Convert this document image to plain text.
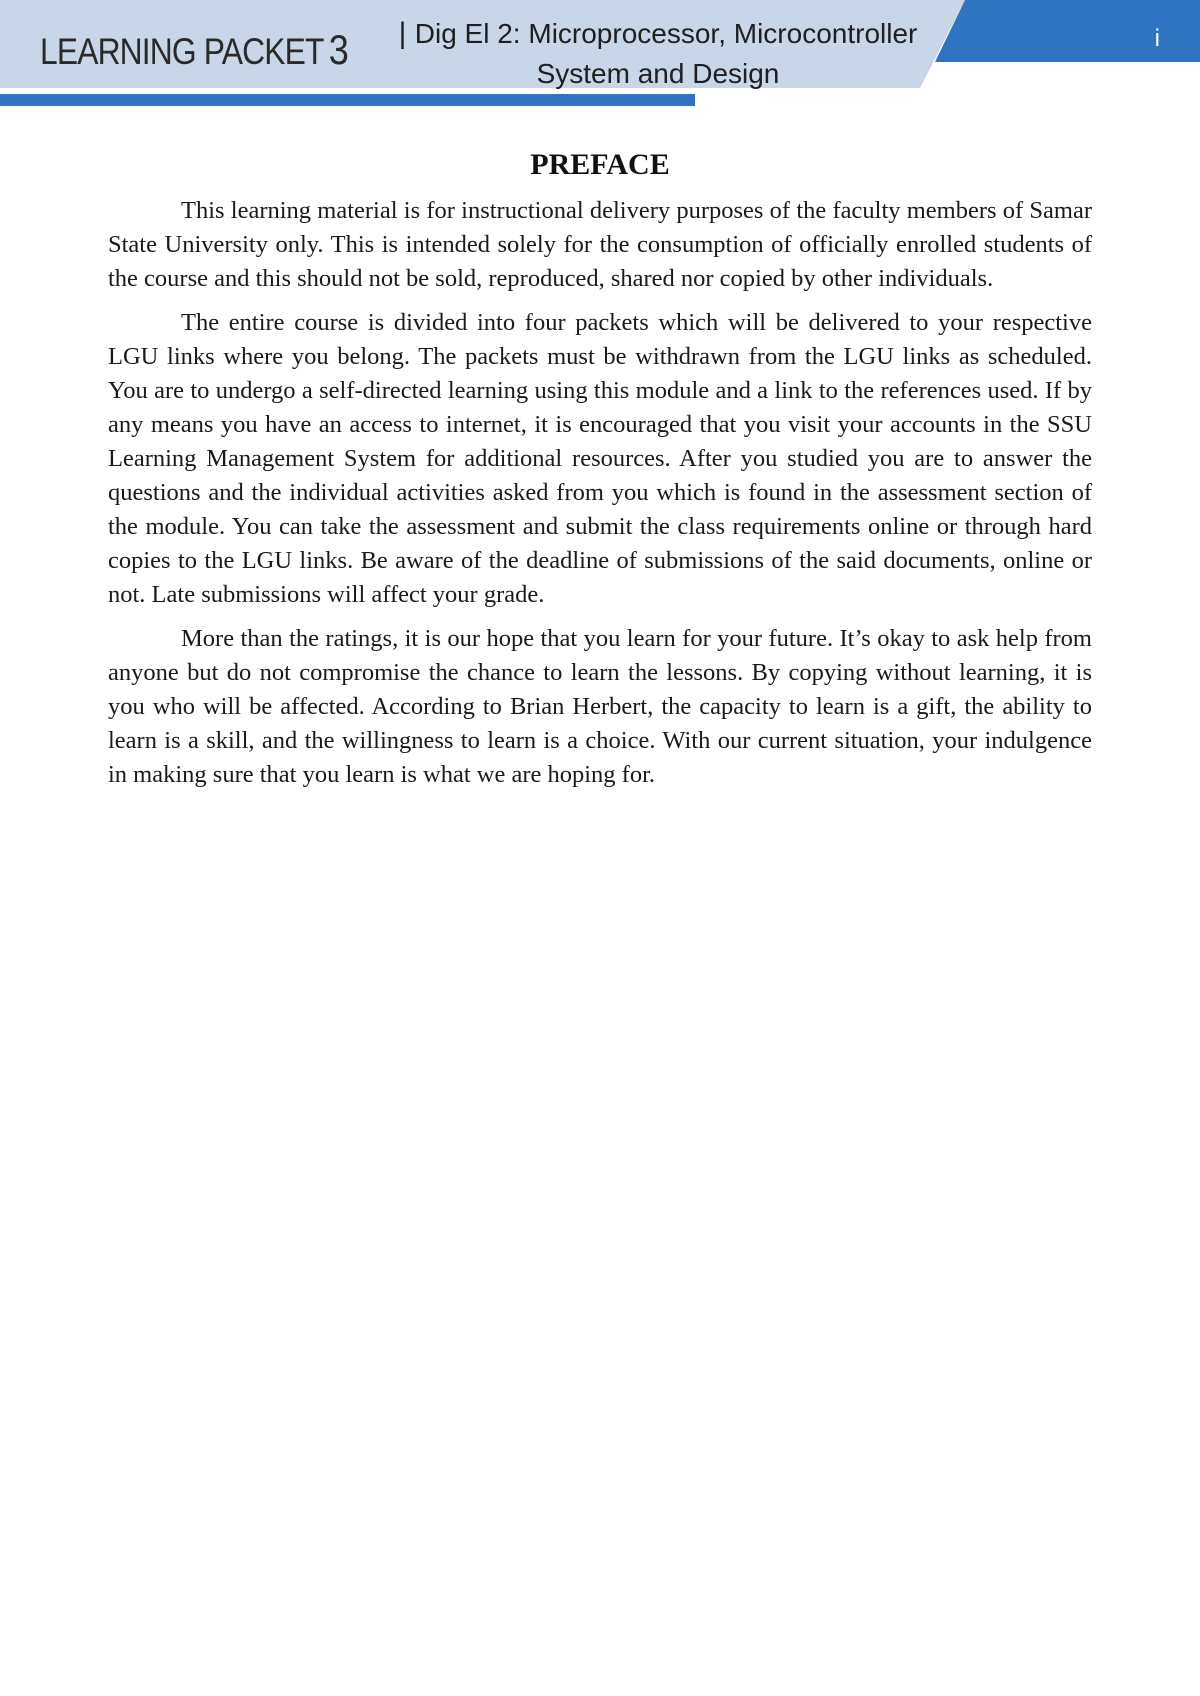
LEARNING PACKET 3	| Dig El 2: Microprocessor, Microcontroller
System and Design
i
PREFACE

This learning material is for instructional delivery purposes of the faculty members of Samar State University only. This is intended solely for the consumption of officially enrolled students of the course and this should not be sold, reproduced, shared nor copied by other individuals.

The entire course is divided into four packets which will be delivered to your respective LGU links where you belong. The packets must be withdrawn from the LGU links as scheduled. You are to undergo a self-directed learning using this module and a link to the references used. If by any means you have an access to internet, it is encouraged that you visit your accounts in the SSU Learning Management System for additional resources. After you studied you are to answer the questions and the individual activities asked from you which is found in the assessment section of the module. You can take the assessment and submit the class requirements online or through hard copies to the LGU links. Be aware of the deadline of submissions of the said documents, online or not. Late submissions will affect your grade.

More than the ratings, it is our hope that you learn for your future. It’s okay to ask help from anyone but do not compromise the chance to learn the lessons. By copying without learning, it is you who will be affected. According to Brian Herbert, the capacity to learn is a gift, the ability to learn is a skill, and the willingness to learn is a choice. With our current situation, your indulgence in making sure that you learn is what we are hoping for.
